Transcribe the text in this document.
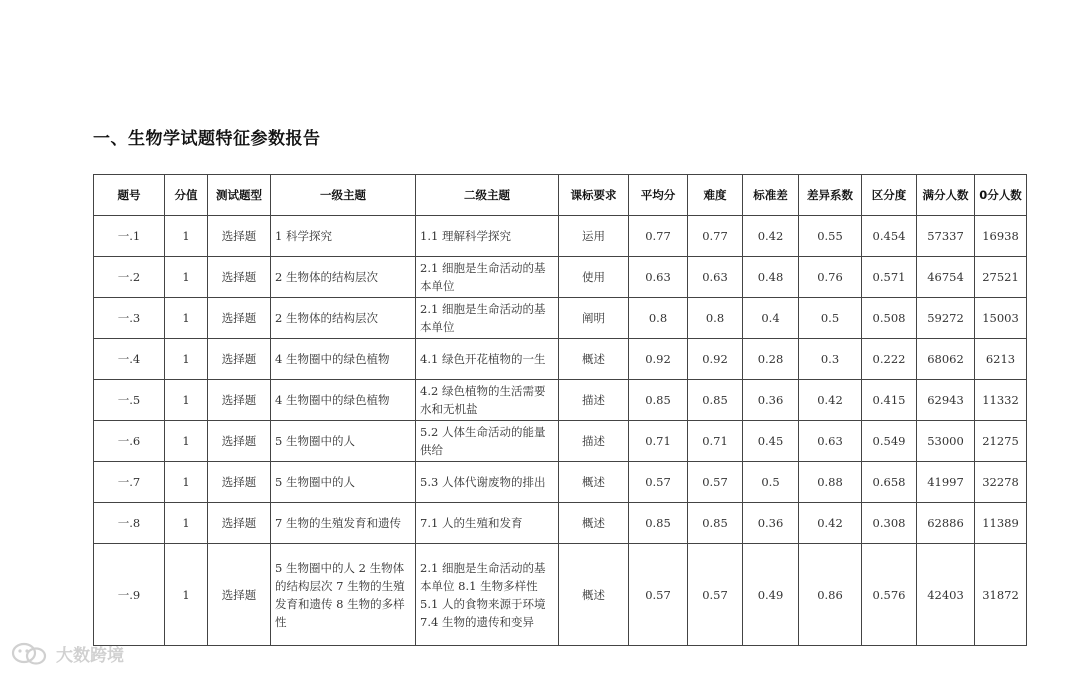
一、生物学试题特征参数报告
题号	分值	测试题型	一级主题	二级主题	课标要求	平均分	难度	标准差	差异系数	区分度	满分人数	0分人数
一.1	1	选择题	1 科学探究	1.1 理解科学探究	运用	0.77	0.77	0.42	0.55	0.454	57337	16938
一.2	1	选择题	2 生物体的结构层次	2.1 细胞是生命活动的基本单位	使用	0.63	0.63	0.48	0.76	0.571	46754	27521
一.3	1	选择题	2 生物体的结构层次	2.1 细胞是生命活动的基本单位	阐明	0.8	0.8	0.4	0.5	0.508	59272	15003
一.4	1	选择题	4 生物圈中的绿色植物	4.1 绿色开花植物的一生	概述	0.92	0.92	0.28	0.3	0.222	68062	6213
一.5	1	选择题	4 生物圈中的绿色植物	4.2 绿色植物的生活需要水和无机盐	描述	0.85	0.85	0.36	0.42	0.415	62943	11332
一.6	1	选择题	5 生物圈中的人	5.2 人体生命活动的能量供给	描述	0.71	0.71	0.45	0.63	0.549	53000	21275
一.7	1	选择题	5 生物圈中的人	5.3 人体代谢废物的排出	概述	0.57	0.57	0.5	0.88	0.658	41997	32278
一.8	1	选择题	7 生物的生殖发育和遗传	7.1 人的生殖和发育	概述	0.85	0.85	0.36	0.42	0.308	62886	11389
一.9	1	选择题	5 生物圈中的人 2 生物体的结构层次 7 生物的生殖发育和遗传 8 生物的多样性	2.1 细胞是生命活动的基本单位 8.1 生物多样性 5.1 人的食物来源于环境 7.4 生物的遗传和变异	概述	0.57	0.57	0.49	0.86	0.576	42403	31872
大数跨境
